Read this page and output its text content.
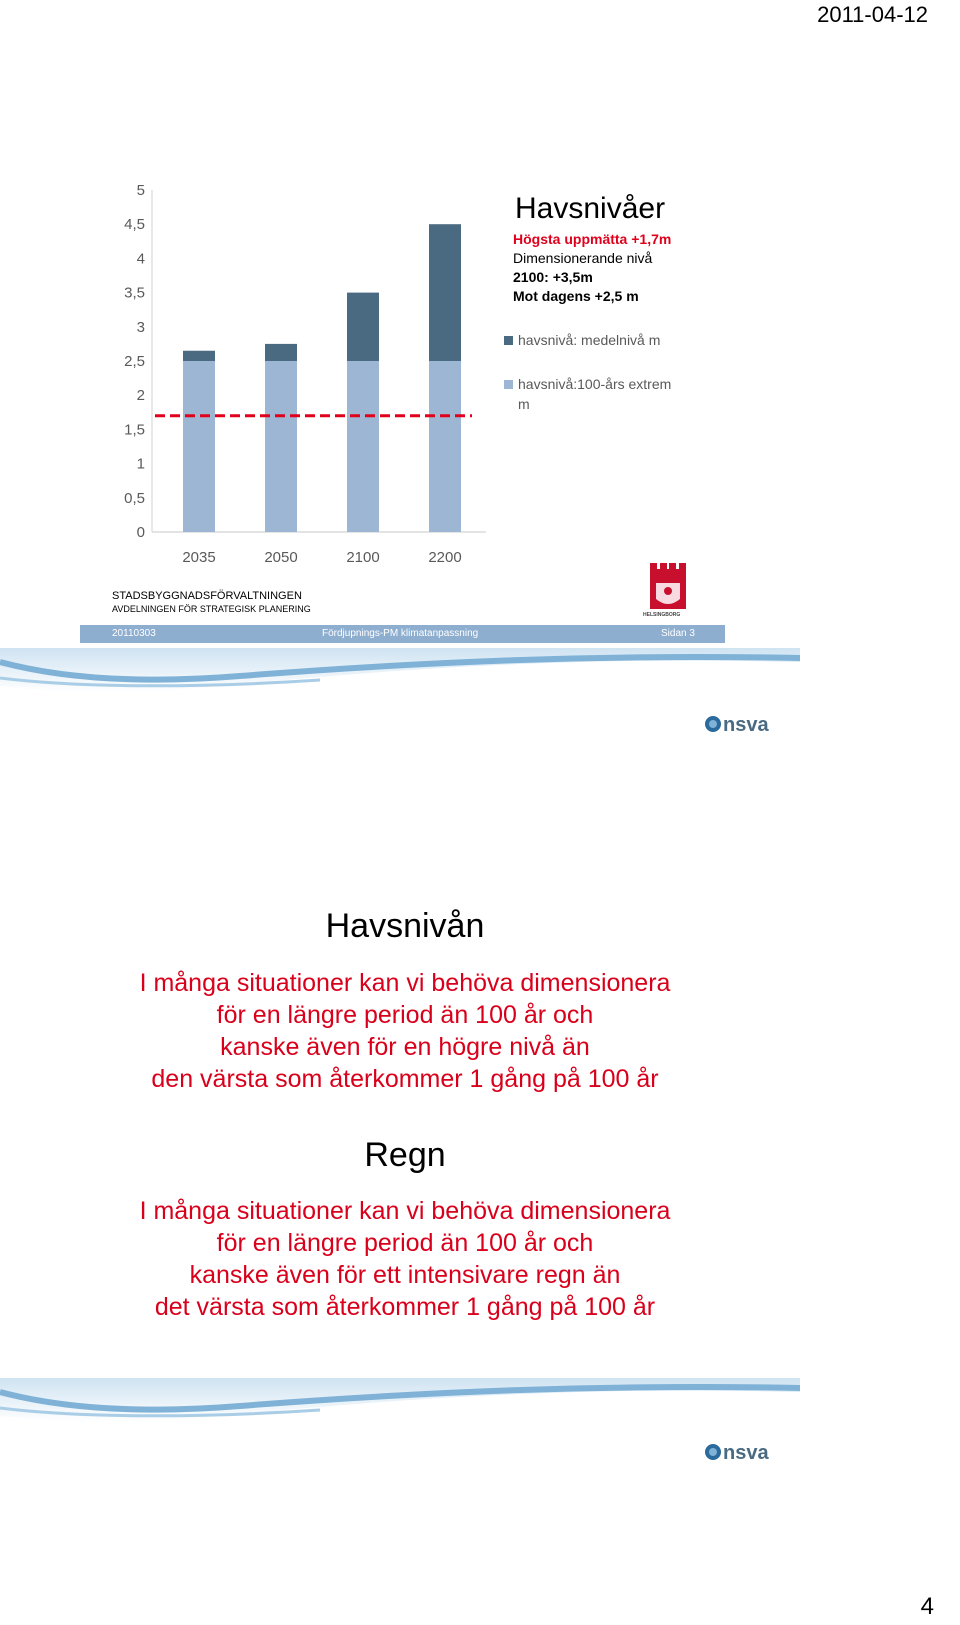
2011-04-12
0
0,5
1
1,5
2
2,5
3
3,5
4
4,5
5
2035	2050	2100	2200
havsnivå: medelnivå m
havsnivå:100-års extrem m
Havsnivåer
Högsta uppmätta +1,7m
Dimensionerande nivå
2100: +3,5m
Mot dagens +2,5 m
STADSBYGGNADSFÖRVALTNINGEN
AVDELNINGEN FÖR STRATEGISK PLANERING
HELSINGBORG
20110303	Fördjupnings-PM klimatanpassning	Sidan 3
nsva
Havsnivån
I många situationer kan vi behöva dimensionera
för en längre period än 100 år och
kanske även för en högre nivå än
den värsta som återkommer 1 gång på 100 år
Regn
I många situationer kan vi behöva dimensionera
för en längre period än 100 år och
kanske även för ett intensivare regn än
det värsta som återkommer 1 gång på 100 år
nsva
4
